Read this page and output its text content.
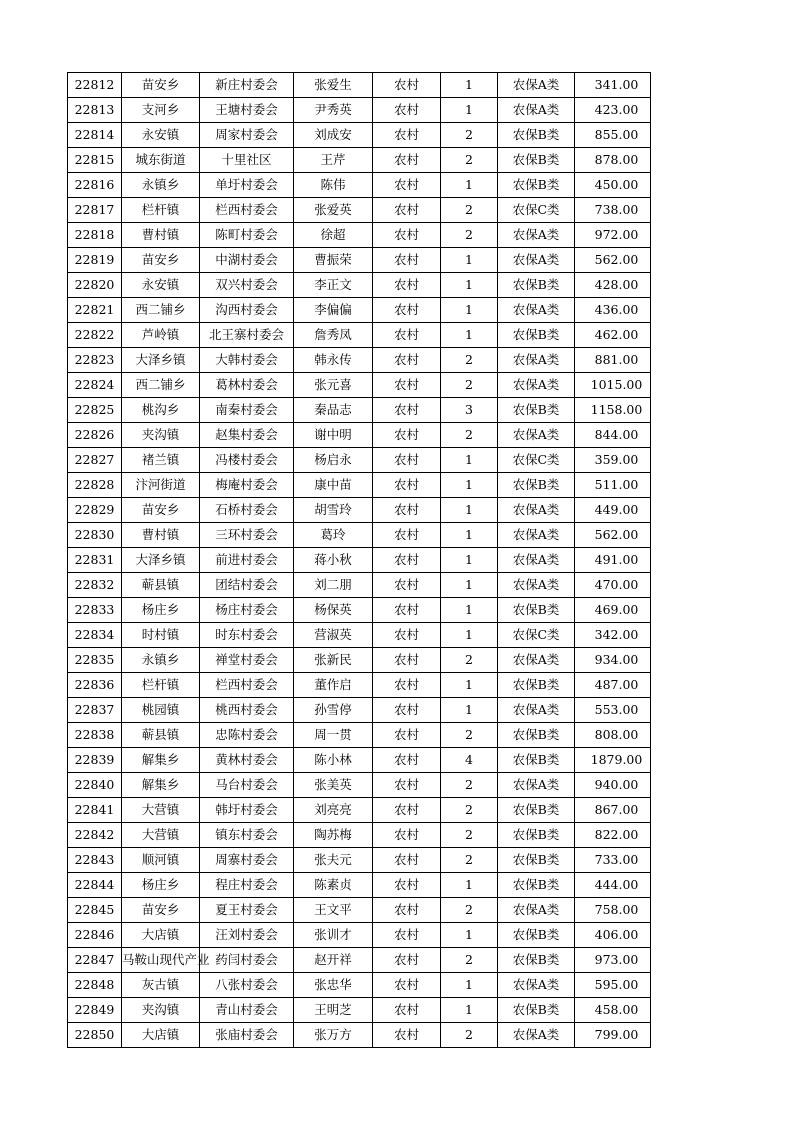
22812	苗安乡	新庄村委会	张爱生	农村	1	农保A类	341.00
22813	支河乡	王塘村委会	尹秀英	农村	1	农保A类	423.00
22814	永安镇	周家村委会	刘成安	农村	2	农保B类	855.00
22815	城东街道	十里社区	王芹	农村	2	农保B类	878.00
22816	永镇乡	单圩村委会	陈伟	农村	1	农保B类	450.00
22817	栏杆镇	栏西村委会	张爱英	农村	2	农保C类	738.00
22818	曹村镇	陈町村委会	徐超	农村	2	农保A类	972.00
22819	苗安乡	中湖村委会	曹振荣	农村	1	农保A类	562.00
22820	永安镇	双兴村委会	李正文	农村	1	农保B类	428.00
22821	西二铺乡	沟西村委会	李偏偏	农村	1	农保A类	436.00
22822	芦岭镇	北王寨村委会	詹秀凤	农村	1	农保B类	462.00
22823	大泽乡镇	大韩村委会	韩永传	农村	2	农保A类	881.00
22824	西二铺乡	葛林村委会	张元喜	农村	2	农保A类	1015.00
22825	桃沟乡	南秦村委会	秦品志	农村	3	农保B类	1158.00
22826	夹沟镇	赵集村委会	谢中明	农村	2	农保A类	844.00
22827	褚兰镇	冯楼村委会	杨启永	农村	1	农保C类	359.00
22828	汴河街道	梅庵村委会	康中苗	农村	1	农保B类	511.00
22829	苗安乡	石桥村委会	胡雪玲	农村	1	农保A类	449.00
22830	曹村镇	三环村委会	葛玲	农村	1	农保A类	562.00
22831	大泽乡镇	前进村委会	蒋小秋	农村	1	农保A类	491.00
22832	蕲县镇	团结村委会	刘二朋	农村	1	农保A类	470.00
22833	杨庄乡	杨庄村委会	杨保英	农村	1	农保B类	469.00
22834	时村镇	时东村委会	营淑英	农村	1	农保C类	342.00
22835	永镇乡	禅堂村委会	张新民	农村	2	农保A类	934.00
22836	栏杆镇	栏西村委会	董作启	农村	1	农保B类	487.00
22837	桃园镇	桃西村委会	孙雪停	农村	1	农保A类	553.00
22838	蕲县镇	忠陈村委会	周一贯	农村	2	农保B类	808.00
22839	解集乡	黄林村委会	陈小林	农村	4	农保B类	1879.00
22840	解集乡	马台村委会	张美英	农村	2	农保A类	940.00
22841	大营镇	韩圩村委会	刘亮亮	农村	2	农保B类	867.00
22842	大营镇	镇东村委会	陶苏梅	农村	2	农保B类	822.00
22843	顺河镇	周寨村委会	张夫元	农村	2	农保B类	733.00
22844	杨庄乡	程庄村委会	陈素贞	农村	1	农保B类	444.00
22845	苗安乡	夏王村委会	王文平	农村	2	农保A类	758.00
22846	大店镇	汪刘村委会	张训才	农村	1	农保B类	406.00
22847	马鞍山现代产业	药闫村委会	赵开祥	农村	2	农保B类	973.00
22848	灰古镇	八张村委会	张忠华	农村	1	农保A类	595.00
22849	夹沟镇	青山村委会	王明芝	农村	1	农保B类	458.00
22850	大店镇	张庙村委会	张万方	农村	2	农保A类	799.00
